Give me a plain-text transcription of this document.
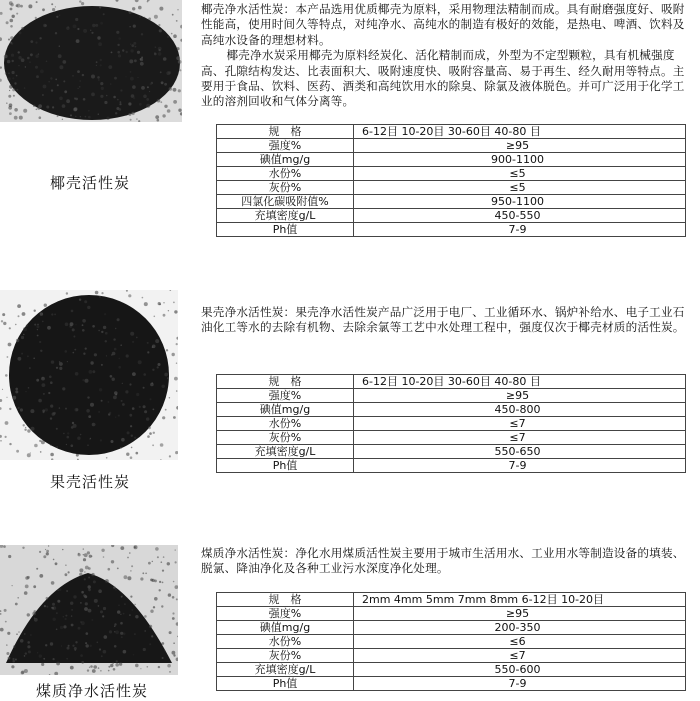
椰壳活性炭

椰壳净水活性炭：本产品选用优质椰壳为原料，采用物理法精制而成。具有耐磨强度好、吸附性能高，使用时间久等特点，对纯净水、高纯水的制造有极好的效能，是热电、啤酒、饮料及高纯水设备的理想材料。

椰壳净水炭采用椰壳为原料经炭化、活化精制而成，外型为不定型颗粒，具有机械强度高、孔隙结构发达、比表面积大、吸附速度快、吸附容量高、易于再生、经久耐用等特点。主要用于食品、饮料、医药、酒类和高纯饮用水的除臭、除氯及液体脱色。并可广泛用于化学工业的溶剂回收和气体分离等。

规　格	6-12目 10-20目 30-60目 40-80 目
强度%	≥95
碘值mg/g	900-1100
水份%	≤5
灰份%	≤5
四氯化碳吸附值%	950-1100
充填密度g/L	450-550
Ph值	7-9
果壳活性炭

果壳净水活性炭：果壳净水活性炭产品广泛用于电厂、工业循环水、锅炉补给水、电子工业石油化工等水的去除有机物、去除余氯等工艺中水处理工程中，强度仅次于椰壳材质的活性炭。

规　格	6-12目 10-20目 30-60目 40-80 目
强度%	≥95
碘值mg/g	450-800
水份%	≤7
灰份%	≤7
充填密度g/L	550-650
Ph值	7-9
煤质净水活性炭

煤质净水活性炭：净化水用煤质活性炭主要用于城市生活用水、工业用水等制造设备的填装、脱氯、降油净化及各种工业污水深度净化处理。

规　格	2mm 4mm 5mm 7mm 8mm 6-12目 10-20目
强度%	≥95
碘值mg/g	200-350
水份%	≤6
灰份%	≤7
充填密度g/L	550-600
Ph值	7-9
